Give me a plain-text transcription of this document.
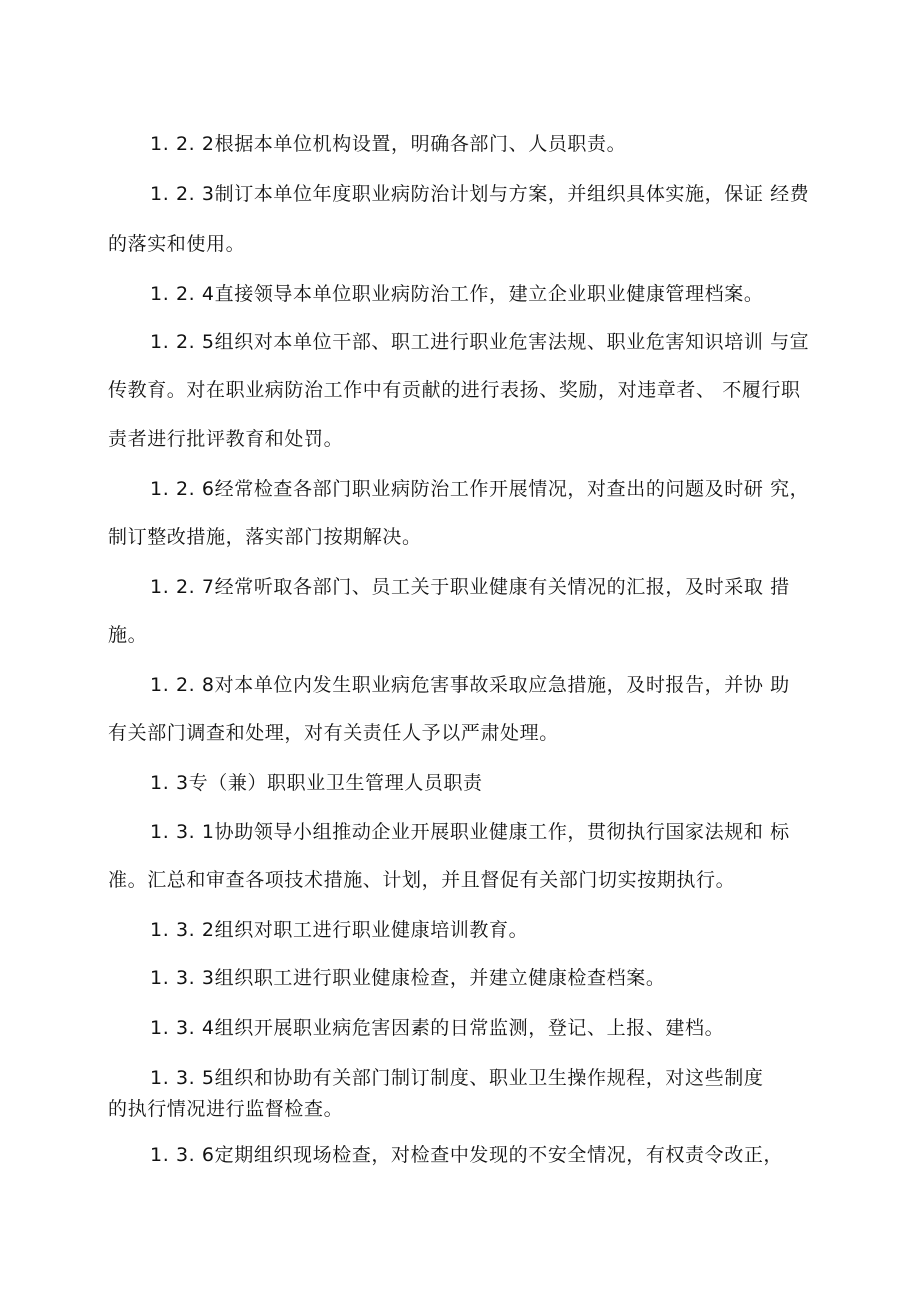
1. 2. 2根据本单位机构设置，明确各部门、人员职责。
1. 2. 3制订本单位年度职业病防治计划与方案，并组织具体实施，保证 经费
的落实和使用。
1. 2. 4直接领导本单位职业病防治工作，建立企业职业健康管理档案。
1. 2. 5组织对本单位干部、职工进行职业危害法规、职业危害知识培训 与宣
传教育。对在职业病防治工作中有贡献的进行表扬、奖励，对违章者、 不履行职
责者进行批评教育和处罚。
1. 2. 6经常检查各部门职业病防治工作开展情况，对查出的问题及时研 究，
制订整改措施，落实部门按期解决。
1. 2. 7经常听取各部门、员工关于职业健康有关情况的汇报，及时采取 措
施。
1. 2. 8对本单位内发生职业病危害事故采取应急措施，及时报告，并协 助
有关部门调查和处理，对有关责任人予以严肃处理。
1. 3专（兼）职职业卫生管理人员职责
1. 3. 1协助领导小组推动企业开展职业健康工作，贯彻执行国家法规和 标
准。汇总和审查各项技术措施、计划，并且督促有关部门切实按期执行。
1. 3. 2组织对职工进行职业健康培训教育。
1. 3. 3组织职工进行职业健康检查，并建立健康检查档案。
1. 3. 4组织开展职业病危害因素的日常监测，登记、上报、建档。
1. 3. 5组织和协助有关部门制订制度、职业卫生操作规程，对这些制度
的执行情况进行监督检查。
1. 3. 6定期组织现场检查，对检查中发现的不安全情况，有权责令改正，
